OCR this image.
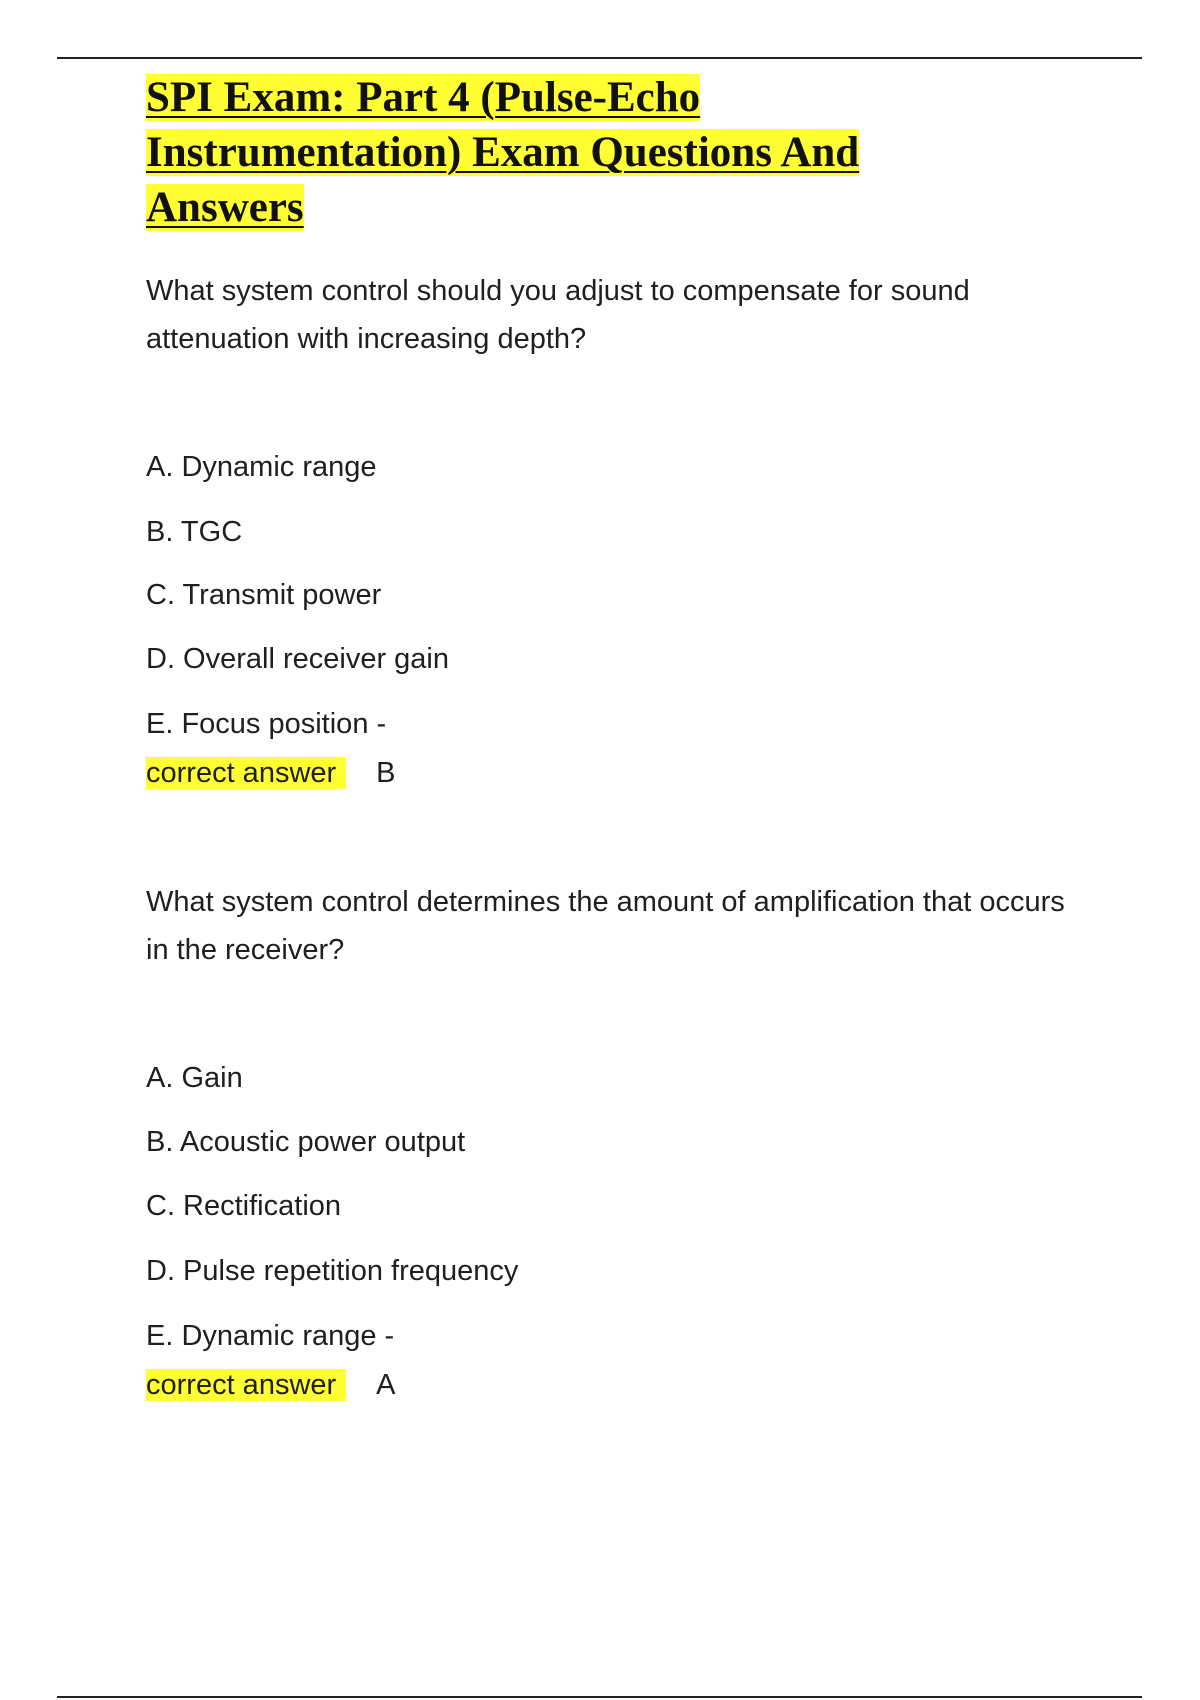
SPI Exam: Part 4 (Pulse-Echo
Instrumentation) Exam Questions And
Answers

What system control should you adjust to compensate for sound attenuation with increasing depth?

A. Dynamic range

B. TGC

C. Transmit power

D. Overall receiver gain

E. Focus position -

correct answer B

What system control determines the amount of amplification that occurs in the receiver?

A. Gain

B. Acoustic power output

C. Rectification

D. Pulse repetition frequency

E. Dynamic range -

correct answer A
